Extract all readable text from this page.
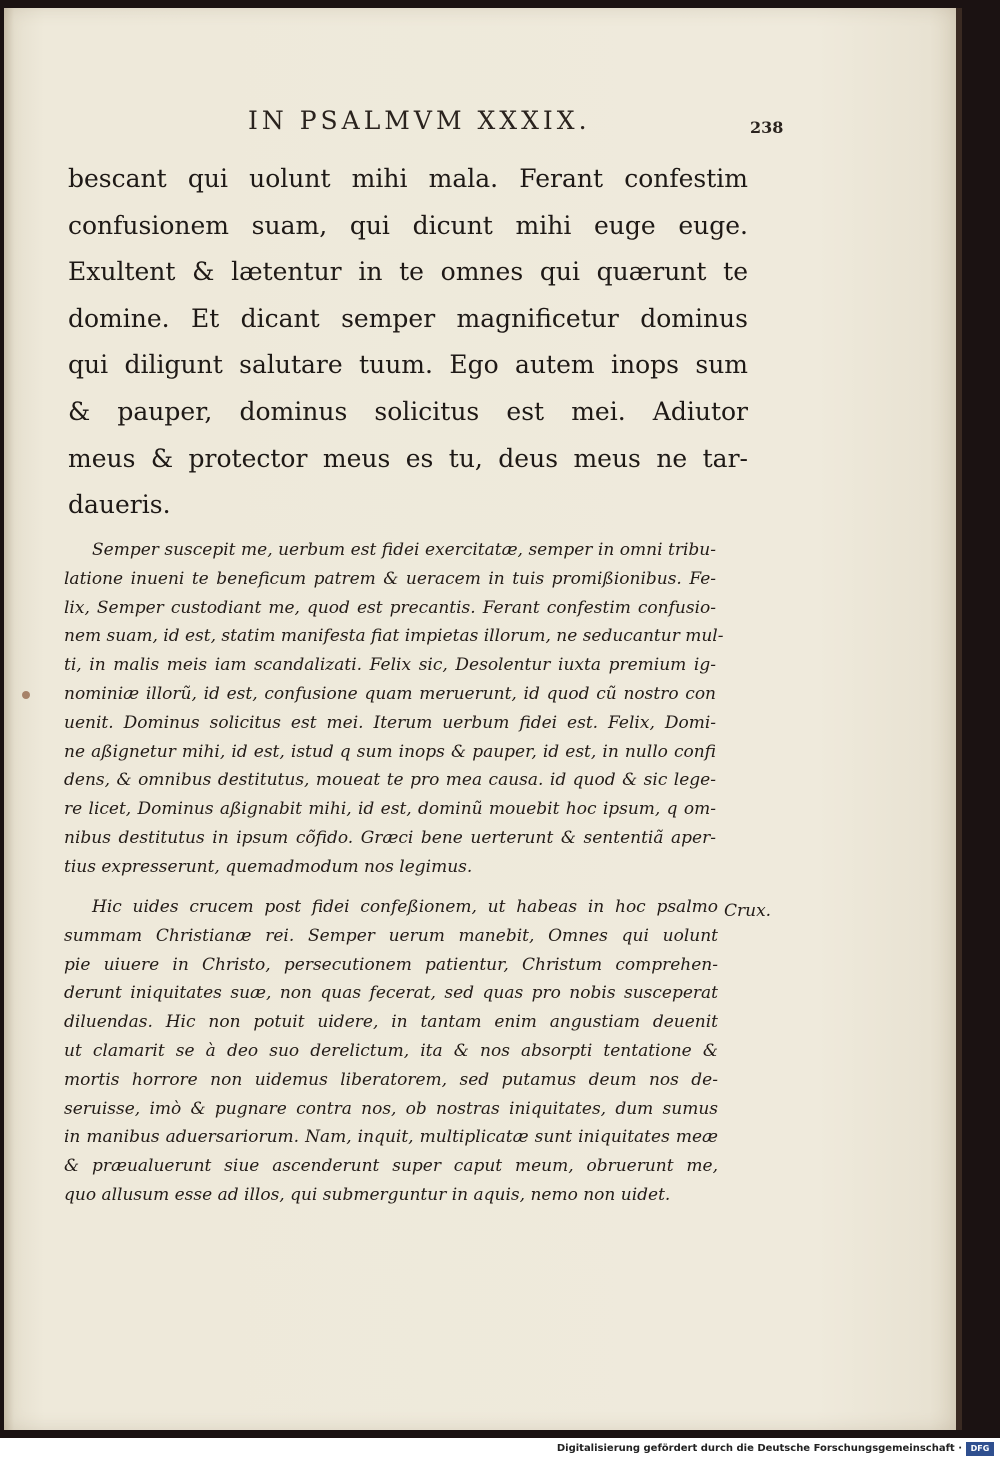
IN PSALMVM XXXIX.	238
bescant qui uolunt mihi mala. Ferant confestim
confusionem suam, qui dicunt mihi euge euge.
Exultent & lætentur in te omnes qui quærunt te
domine. Et dicant semper magnificetur dominus
qui diligunt salutare tuum. Ego autem inops sum
& pauper, dominus solicitus est mei. Adiutor
meus & protector meus es tu, deus meus ne tar-
daueris.
Semper suscepit me, uerbum est fidei exercitatæ, semper in omni tribu-
latione inueni te beneficum patrem & ueracem in tuis promißionibus. Fe-
lix, Semper custodiant me, quod est precantis. Ferant confestim confusio-
nem suam, id est, statim manifesta fiat impietas illorum, ne seducantur mul-
ti, in malis meis iam scandalizati. Felix sic, Desolentur iuxta premium ig-
nominiæ illorũ, id est, confusione quam meruerunt, id quod cũ nostro con
uenit. Dominus solicitus est mei. Iterum uerbum fidei est. Felix, Domi-
ne aßignetur mihi, id est, istud q sum inops & pauper, id est, in nullo confi
dens, & omnibus destitutus, moueat te pro mea causa. id quod & sic lege-
re licet, Dominus aßignabit mihi, id est, dominũ mouebit hoc ipsum, q om-
nibus destitutus in ipsum cõfido. Græci bene uerterunt & sententiã aper-
tius expresserunt, quemadmodum nos legimus.
Hic uides crucem post fidei confeßionem, ut habeas in hoc psalmo
summam Christianæ rei. Semper uerum manebit, Omnes qui uolunt
pie uiuere in Christo, persecutionem patientur, Christum comprehen-
derunt iniquitates suæ, non quas fecerat, sed quas pro nobis susceperat
diluendas. Hic non potuit uidere, in tantam enim angustiam deuenit
ut clamarit se à deo suo derelictum, ita & nos absorpti tentatione &
mortis horrore non uidemus liberatorem, sed putamus deum nos de-
seruisse, imò & pugnare contra nos, ob nostras iniquitates, dum sumus
in manibus aduersariorum. Nam, inquit, multiplicatæ sunt iniquitates meæ
& præualuerunt siue ascenderunt super caput meum, obruerunt me,
quo allusum esse ad illos, qui submerguntur in aquis, nemo non uidet.
Crux.
Digitalisierung gefördert durch die Deutsche Forschungsgemeinschaft ·	DFG
